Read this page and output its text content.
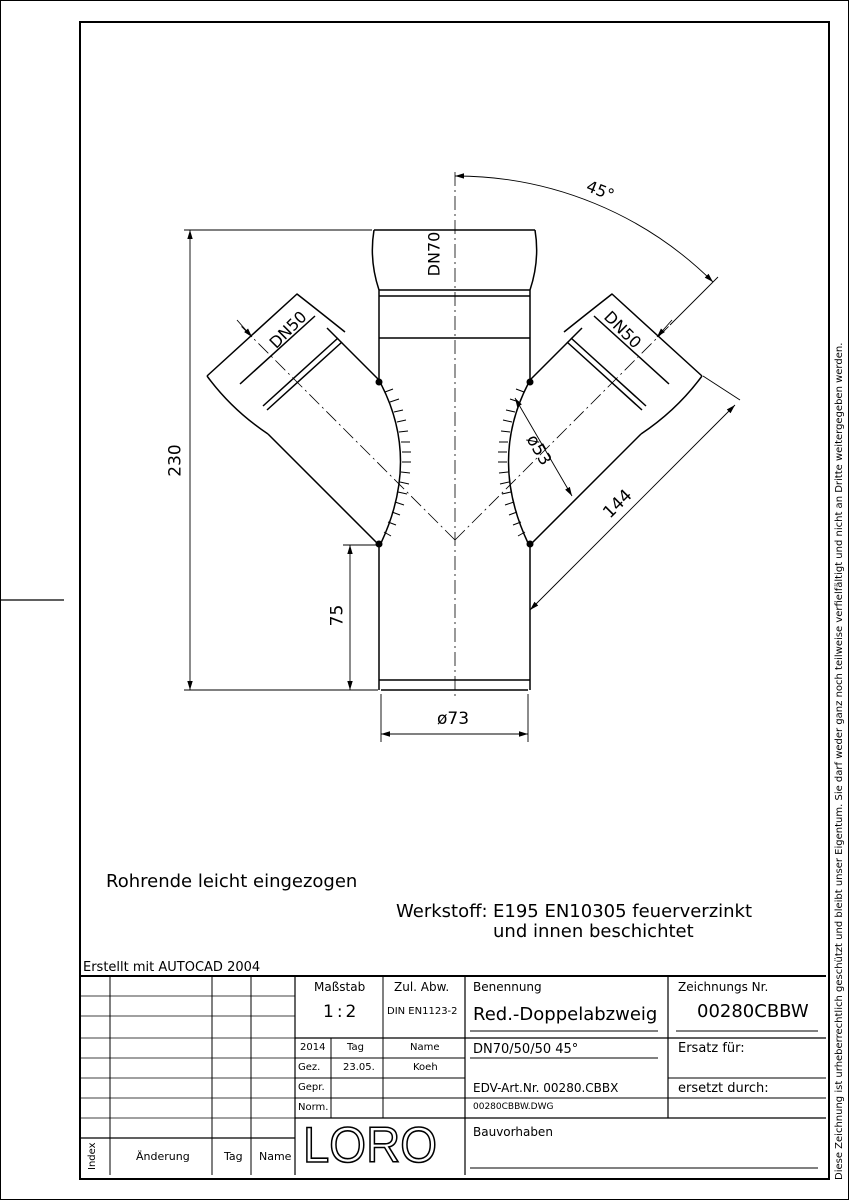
LORO
45°
DN70
DN50	DN50
230
75
144
ø53
ø73
Rohrende leicht eingezogen
Werkstoff: E195 EN10305 feuerverzinkt
und innen beschichtet
Erstellt mit AUTOCAD 2004
Maßstab
1:2
Zul. Abw.
DIN EN1123-2
Benennung
Red.-Doppelabzweig
Zeichnungs Nr.
00280CBBW
2014 Tag	Name
Gez. 23.05.	Koeh
Gepr.
Norm.
DN70/50/50 45°	Ersatz für:
EDV-Art.Nr. 00280.CBBX
00280CBBW.DWG
ersetzt durch:
Bauvorhaben
Index	Änderung	Tag Name	Diese Zeichnung ist urheberrechtlich geschützt und bleibt unser Eigentum. Sie darf weder ganz noch teilweise verfielfältigt und nicht an Dritte weitergegeben werden.
